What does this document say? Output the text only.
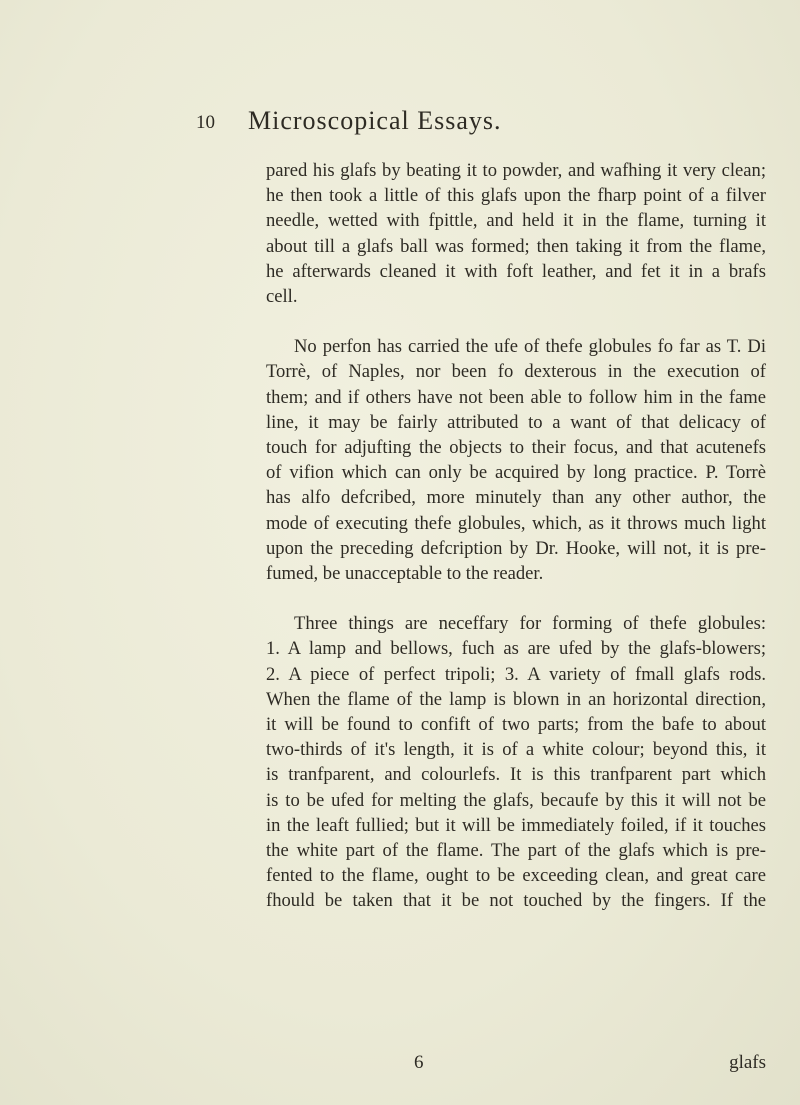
10 Microscopical Essays.
pared his glafs by beating it to powder, and wafhing it very clean;
he then took a little of this glafs upon the fharp point of a filver
needle, wetted with fpittle, and held it in the flame, turning it
about till a glafs ball was formed; then taking it from the flame,
he afterwards cleaned it with foft leather, and fet it in a brafs
cell.
No perfon has carried the ufe of thefe globules fo far as T. Di
Torrè, of Naples, nor been fo dexterous in the execution of
them; and if others have not been able to follow him in the fame
line, it may be fairly attributed to a want of that delicacy of
touch for adjufting the objects to their focus, and that acutenefs
of vifion which can only be acquired by long practice. P. Torrè
has alfo defcribed, more minutely than any other author, the
mode of executing thefe globules, which, as it throws much light
upon the preceding defcription by Dr. Hooke, will not, it is pre-
fumed, be unacceptable to the reader.
Three things are neceffary for forming of thefe globules:
1. A lamp and bellows, fuch as are ufed by the glafs-blowers;
2. A piece of perfect tripoli; 3. A variety of fmall glafs rods.
When the flame of the lamp is blown in an horizontal direction,
it will be found to confift of two parts; from the bafe to about
two-thirds of it's length, it is of a white colour; beyond this, it
is tranfparent, and colourlefs. It is this tranfparent part which
is to be ufed for melting the glafs, becaufe by this it will not be
in the leaft fullied; but it will be immediately foiled, if it touches
the white part of the flame. The part of the glafs which is pre-
fented to the flame, ought to be exceeding clean, and great care
fhould be taken that it be not touched by the fingers. If the
6	glafs
